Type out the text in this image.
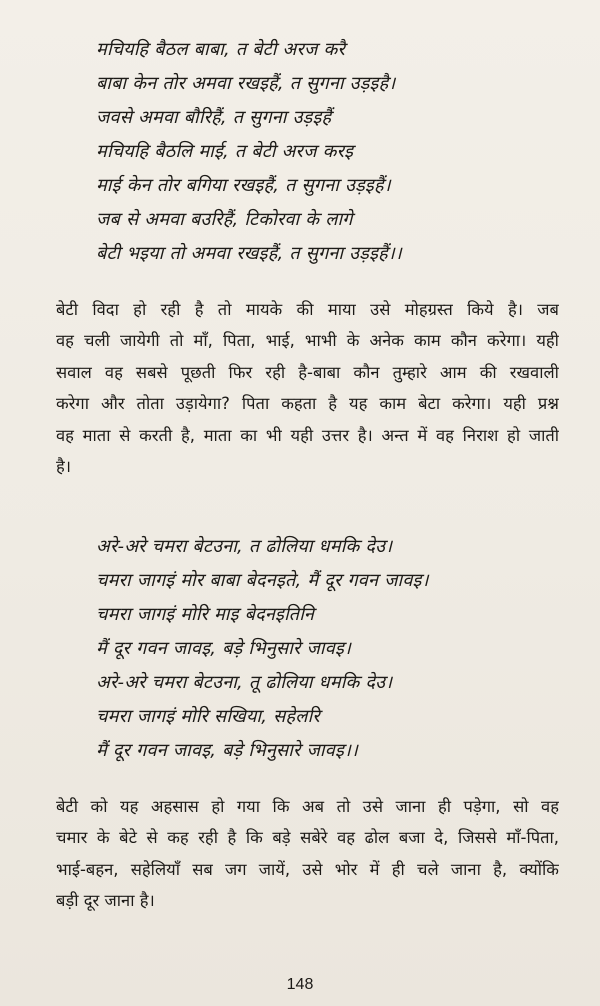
मचियहि बैठल बाबा, त बेटी अरज करै
बाबा केन तोर अमवा रखइहैं, त सुगना उड़इहै।
जवसे अमवा बौरिहैं, त सुगना उड़इहैं
मचियहि बैठलि माई, त बेटी अरज करइ
माई केन तोर बगिया रखइहैं, त सुगना उड़इहैं।
जब से अमवा बउरिहैं, टिकोरवा के लागे
बेटी भइया तो अमवा रखइहैं, त सुगना उड़इहैं।।
बेटी विदा हो रही है तो मायके की माया उसे मोहग्रस्त किये है। जब
वह चली जायेगी तो माँ, पिता, भाई, भाभी के अनेक काम कौन करेगा। यही
सवाल वह सबसे पूछती फिर रही है-बाबा कौन तुम्हारे आम की रखवाली
करेगा और तोता उड़ायेगा? पिता कहता है यह काम बेटा करेगा। यही प्रश्न
वह माता से करती है, माता का भी यही उत्तर है। अन्त में वह निराश हो जाती
है।
अरे-अरे चमरा बेटउना, त ढोलिया धमकि देउ।
चमरा जागइं मोर बाबा बेदनइते, मैं दूर गवन जावइ।
चमरा जागइं मोरि माइ बेदनइतिनि
मैं दूर गवन जावइ, बड़े भिनुसारे जावइ।
अरे-अरे चमरा बेटउना, तू ढोलिया धमकि देउ।
चमरा जागइं मोरि सखिया, सहेलरि
मैं दूर गवन जावइ, बड़े भिनुसारे जावइ।।
बेटी को यह अहसास हो गया कि अब तो उसे जाना ही पड़ेगा, सो वह
चमार के बेटे से कह रही है कि बड़े सबेरे वह ढोल बजा दे, जिससे माँ-पिता,
भाई-बहन, सहेलियाँ सब जग जायें, उसे भोर में ही चले जाना है, क्योंकि
बड़ी दूर जाना है।
148
